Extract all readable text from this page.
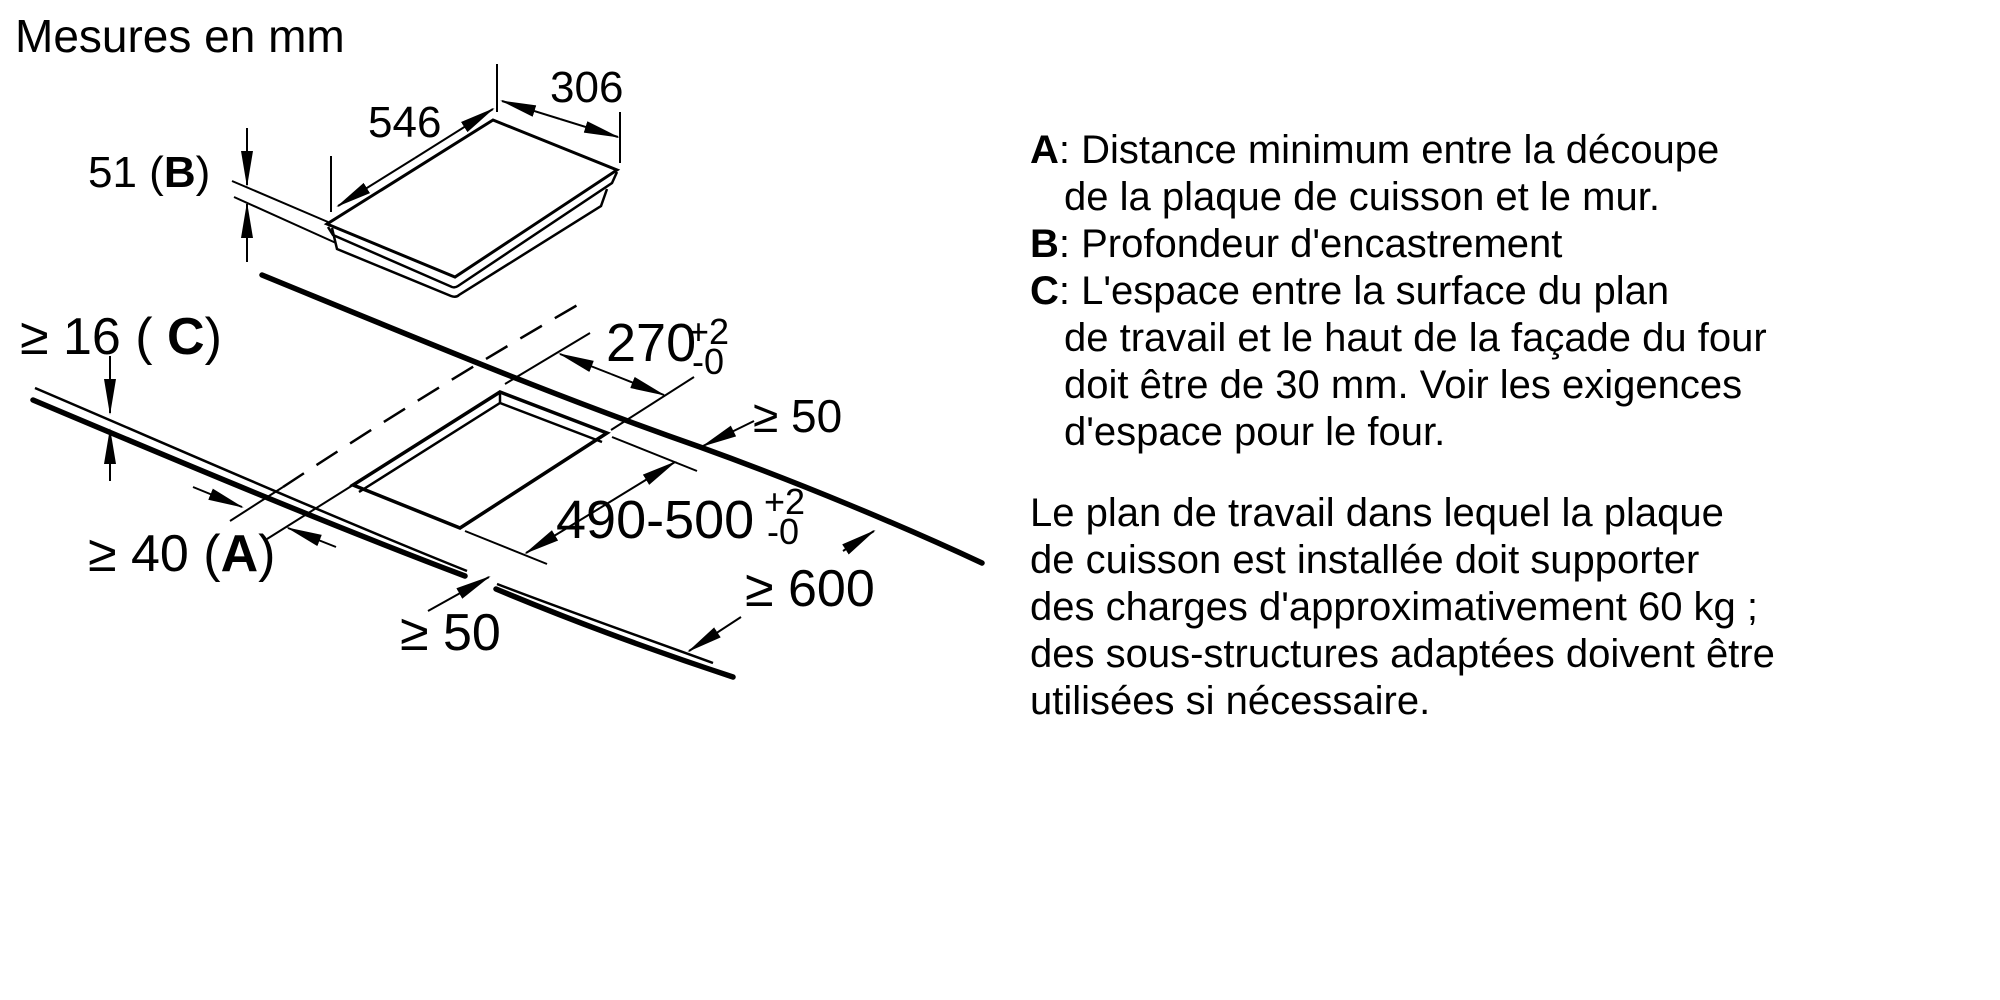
Mesures en mm
306
546
51 (B)
≥ 16 ( C)
≥ 40 (A)
270
+2
-0
490-500 +2
-0
≥ 50
≥ 50
≥ 600
A: Distance minimum entre la découpe
de la plaque de cuisson et le mur.
B: Profondeur d'encastrement
C: L'espace entre la surface du plan
de travail et le haut de la façade du four
doit être de 30 mm. Voir les exigences
d'espace pour le four.
Le plan de travail dans lequel la plaque
de cuisson est installée doit supporter
des charges d'approximativement 60 kg ;
des sous-structures adaptées doivent être
utilisées si nécessaire.
